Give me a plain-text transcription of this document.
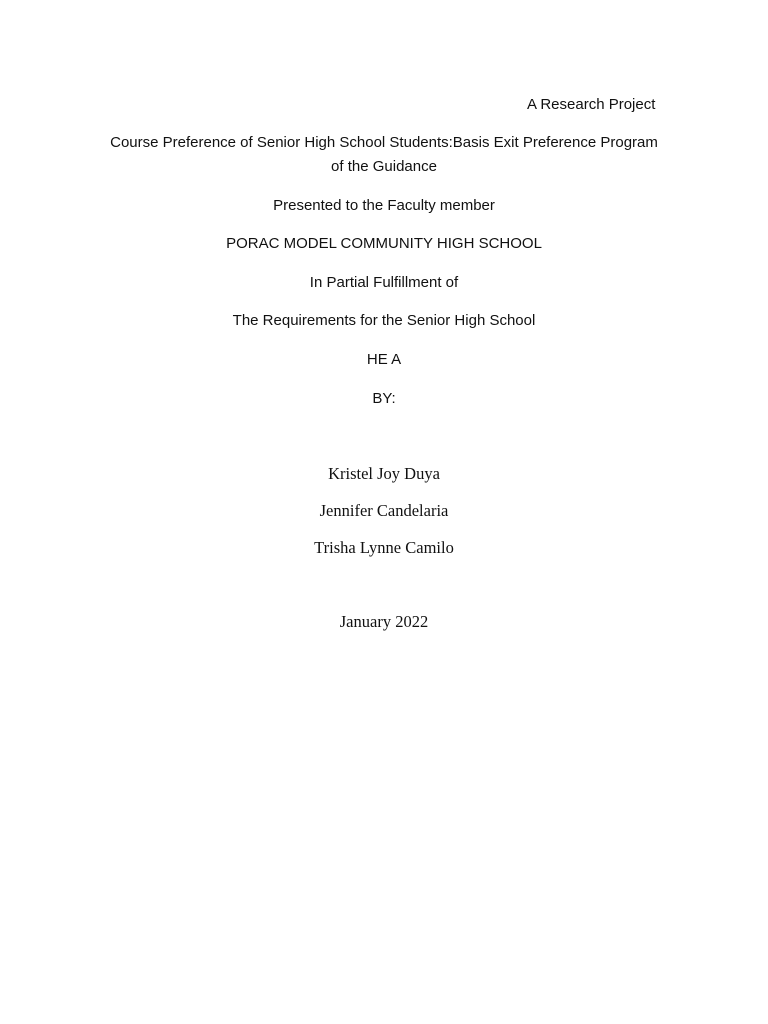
A Research Project
Course Preference of Senior High School Students:Basis Exit Preference Program
of the Guidance
Presented to the Faculty member
PORAC MODEL COMMUNITY HIGH SCHOOL
In Partial Fulfillment of
The Requirements for the Senior High School
HE A
BY:
Kristel Joy Duya
Jennifer Candelaria
Trisha Lynne Camilo
January 2022
